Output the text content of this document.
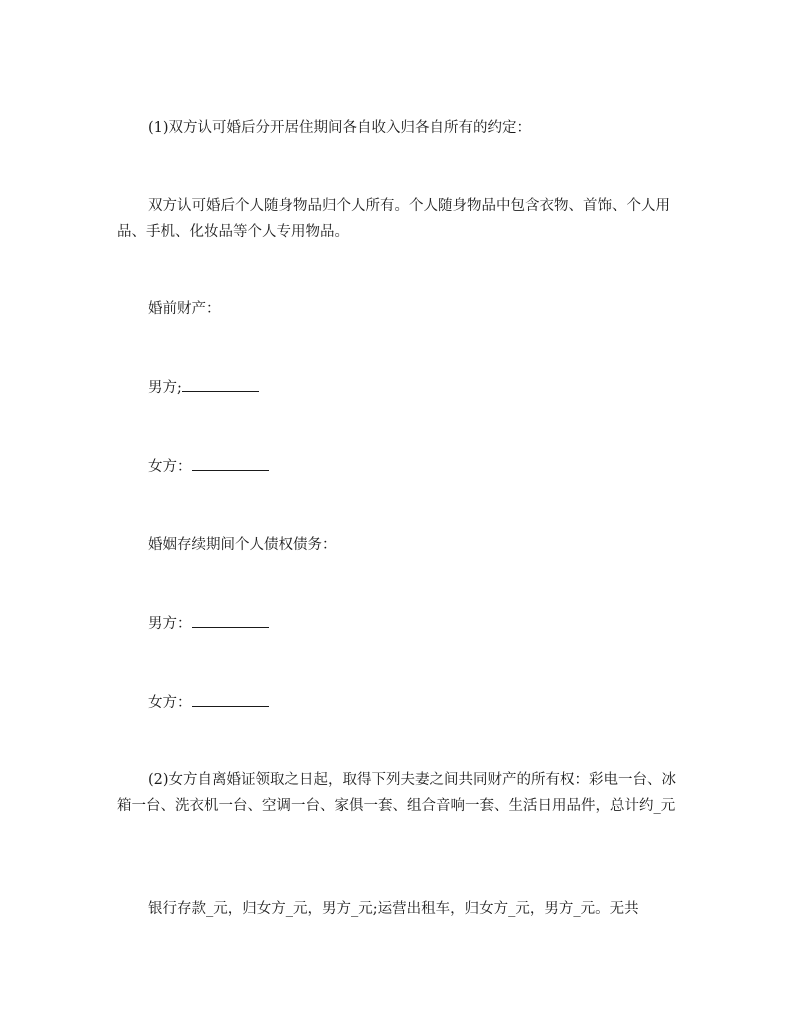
(1)双方认可婚后分开居住期间各自收入归各自所有的约定：

双方认可婚后个人随身物品归个人所有。个人随身物品中包含衣物、首饰、个人用品、手机、化妆品等个人专用物品。

婚前财产：

男方;

女方：

婚姻存续期间个人债权债务：

男方：

女方：

(2)女方自离婚证领取之日起，取得下列夫妻之间共同财产的所有权：彩电一台、冰箱一台、洗衣机一台、空调一台、家俱一套、组合音响一套、生活日用品件，总计约_元

银行存款_元，归女方_元，男方_元;运营出租车，归女方_元，男方_元。无共
